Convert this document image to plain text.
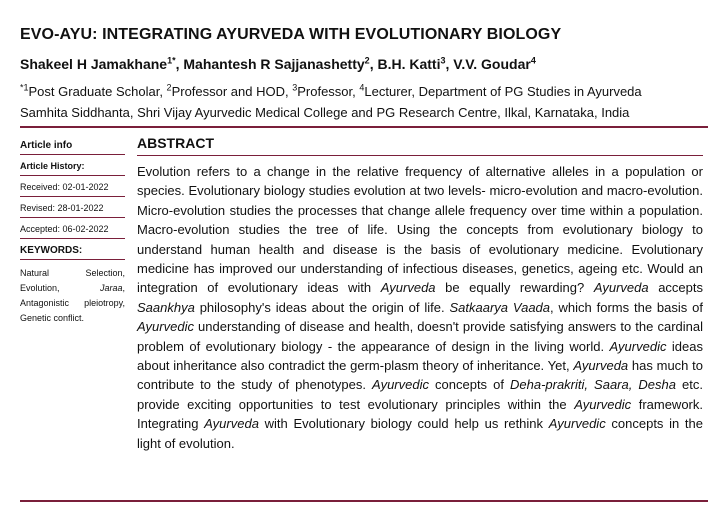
EVO-AYU: INTEGRATING AYURVEDA WITH EVOLUTIONARY BIOLOGY
Shakeel H Jamakhane$^{1*}$, Mahantesh R Sajjanashetty$^2$, B.H. Katti$^3$, V.V. Goudar$^4$
$^{*1}$Post Graduate Scholar, $^2$Professor and HOD, $^3$Professor, $^4$Lecturer, Department of PG Studies in Ayurveda
Samhita Siddhanta, Shri Vijay Ayurvedic Medical College and PG Research Centre, Ilkal, Karnataka, India
Article info
Article History:
Received: 02-01-2022
Revised: 28-01-2022
Accepted: 06-02-2022
KEYWORDS:
Natural Selection, Evolution, Jaraa, Antagonistic pleiotropy, Genetic conflict.
ABSTRACT
Evolution refers to a change in the relative frequency of alternative alleles in a population or species. Evolutionary biology studies evolution at two levels- micro-evolution and macro-evolution. Micro-evolution studies the processes that change allele frequency over time within a population. Macro-evolution studies the tree of life. Using the concepts from evolutionary biology to understand human health and disease is the basis of evolutionary medicine. Evolutionary medicine has improved our understanding of infectious diseases, genetics, ageing etc. Would an integration of evolutionary ideas with Ayurveda be equally rewarding? Ayurveda accepts Saankhya philosophy's ideas about the origin of life. Satkaarya Vaada, which forms the basis of Ayurvedic understanding of disease and health, doesn't provide satisfying answers to the cardinal problem of evolutionary biology - the appearance of design in the living world. Ayurvedic ideas about inheritance also contradict the germ-plasm theory of inheritance. Yet, Ayurveda has much to contribute to the study of phenotypes. Ayurvedic concepts of Deha-prakriti, Saara, Desha etc. provide exciting opportunities to test evolutionary principles within the Ayurvedic framework. Integrating Ayurveda with Evolutionary biology could help us rethink Ayurvedic concepts in the light of evolution.
